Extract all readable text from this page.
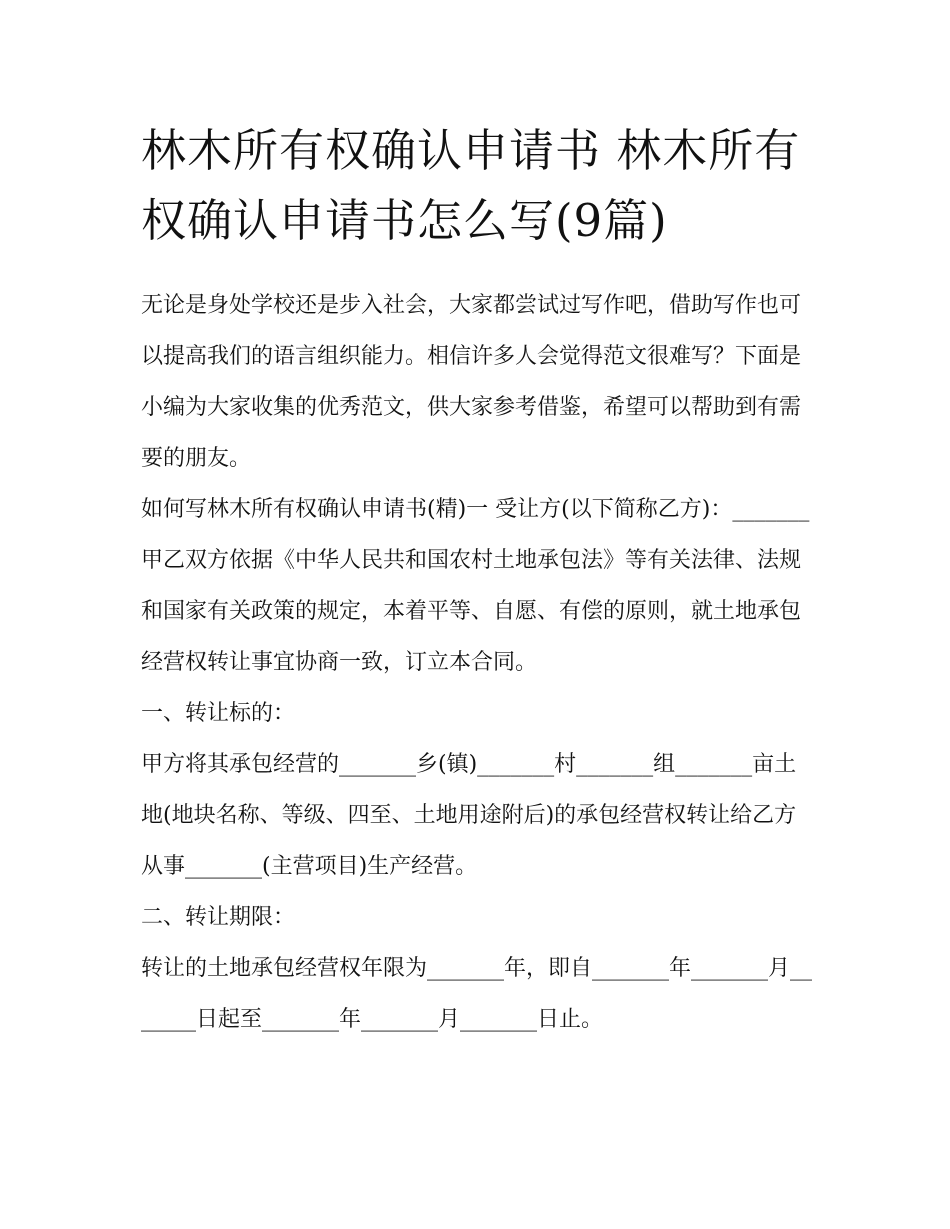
林木所有权确认申请书 林木所有权确认申请书怎么写(9篇)

无论是身处学校还是步入社会，大家都尝试过写作吧，借助写作也可以提高我们的语言组织能力。相信许多人会觉得范文很难写？下面是小编为大家收集的优秀范文，供大家参考借鉴，希望可以帮助到有需要的朋友。

如何写林木所有权确认申请书(精)一 受让方(以下简称乙方)：_______

甲乙双方依据《中华人民共和国农村土地承包法》等有关法律、法规和国家有关政策的规定，本着平等、自愿、有偿的原则，就土地承包经营权转让事宜协商一致，订立本合同。

一、转让标的：

甲方将其承包经营的_______乡(镇)_______村_______组_______亩土地(地块名称、等级、四至、土地用途附后)的承包经营权转让给乙方从事_______(主营项目)生产经营。

二、转让期限：

转让的土地承包经营权年限为_______年，即自_______年_______月_______日起至_______年_______月_______日止。
